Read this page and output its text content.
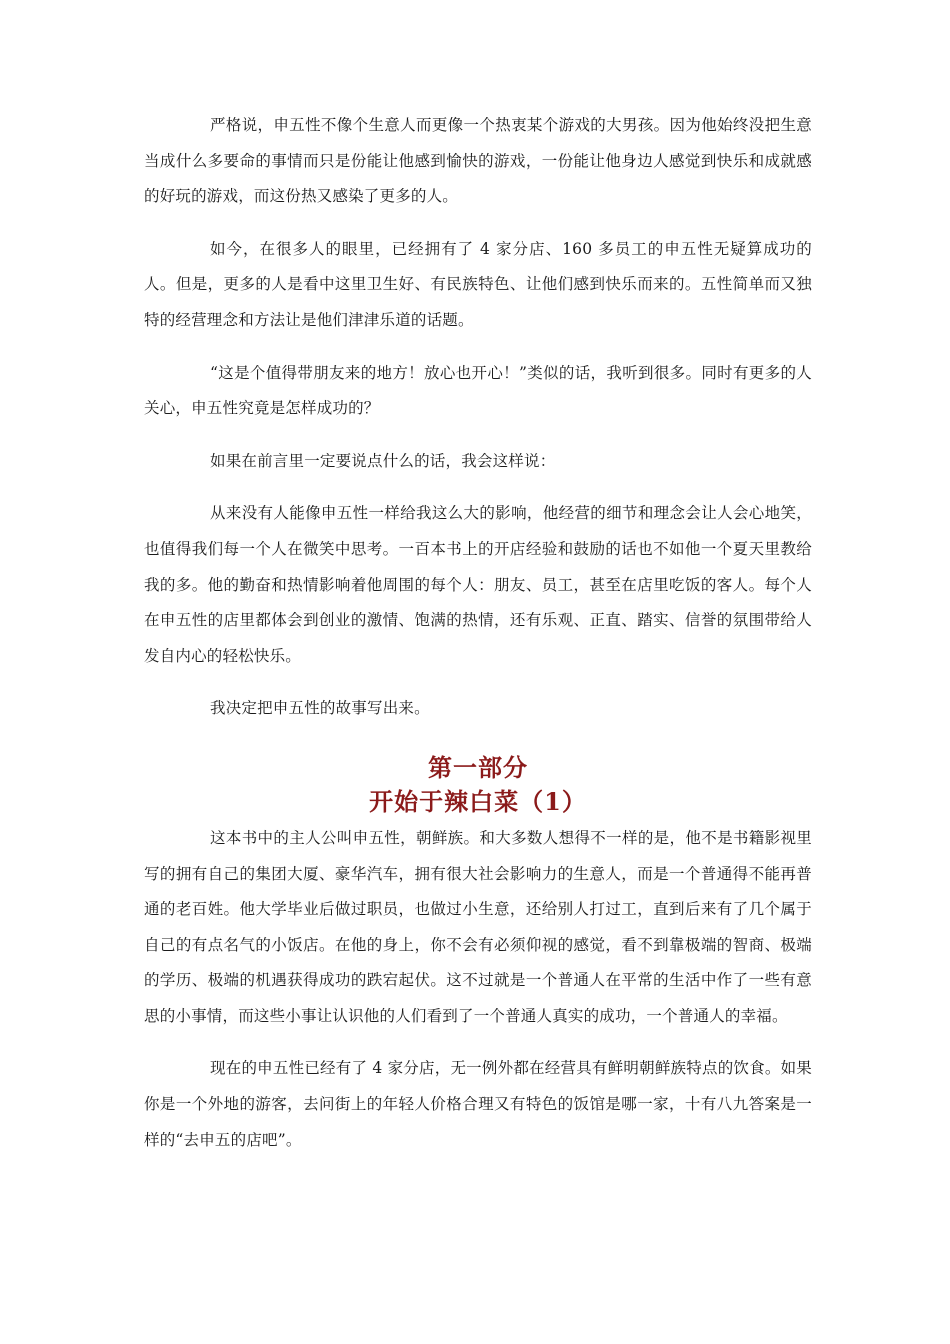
严格说，申五性不像个生意人而更像一个热衷某个游戏的大男孩。因为他始终没把生意当成什么多要命的事情而只是份能让他感到愉快的游戏，一份能让他身边人感觉到快乐和成就感的好玩的游戏，而这份热又感染了更多的人。

如今，在很多人的眼里，已经拥有了 4 家分店、160 多员工的申五性无疑算成功的人。但是，更多的人是看中这里卫生好、有民族特色、让他们感到快乐而来的。五性简单而又独特的经营理念和方法让是他们津津乐道的话题。

“这是个值得带朋友来的地方！放心也开心！”类似的话，我听到很多。同时有更多的人关心，申五性究竟是怎样成功的？

如果在前言里一定要说点什么的话，我会这样说：

从来没有人能像申五性一样给我这么大的影响，他经营的细节和理念会让人会心地笑，也值得我们每一个人在微笑中思考。一百本书上的开店经验和鼓励的话也不如他一个夏天里教给我的多。他的勤奋和热情影响着他周围的每个人：朋友、员工，甚至在店里吃饭的客人。每个人在申五性的店里都体会到创业的激情、饱满的热情，还有乐观、正直、踏实、信誉的氛围带给人发自内心的轻松快乐。

我决定把申五性的故事写出来。

第一部分
开始于辣白菜（1）

这本书中的主人公叫申五性，朝鲜族。和大多数人想得不一样的是，他不是书籍影视里写的拥有自己的集团大厦、豪华汽车，拥有很大社会影响力的生意人，而是一个普通得不能再普通的老百姓。他大学毕业后做过职员，也做过小生意，还给别人打过工，直到后来有了几个属于自己的有点名气的小饭店。在他的身上，你不会有必须仰视的感觉，看不到靠极端的智商、极端的学历、极端的机遇获得成功的跌宕起伏。这不过就是一个普通人在平常的生活中作了一些有意思的小事情，而这些小事让认识他的人们看到了一个普通人真实的成功，一个普通人的幸福。

现在的申五性已经有了 4 家分店，无一例外都在经营具有鲜明朝鲜族特点的饮食。如果你是一个外地的游客，去问街上的年轻人价格合理又有特色的饭馆是哪一家，十有八九答案是一样的“去申五的店吧”。
